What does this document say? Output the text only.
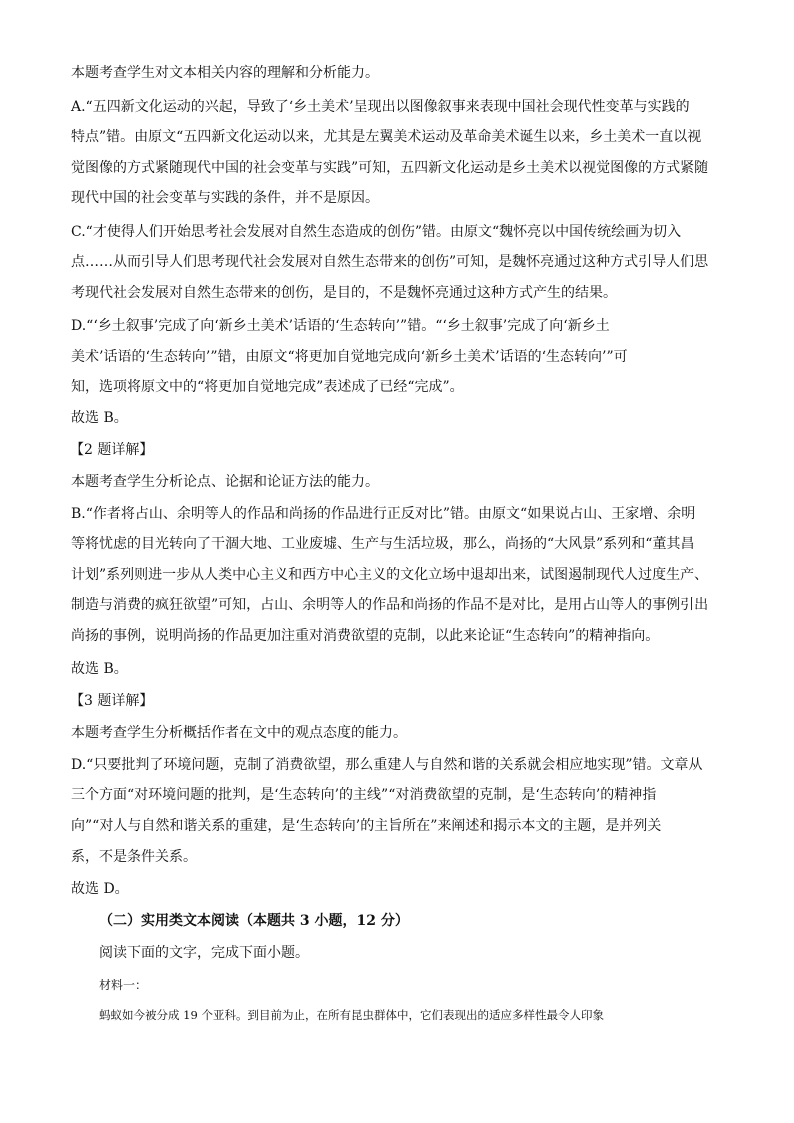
本题考查学生对文本相关内容的理解和分析能力。
A.“五四新文化运动的兴起，导致了‘乡土美术’呈现出以图像叙事来表现中国社会现代性变革与实践的
特点”错。由原文“五四新文化运动以来，尤其是左翼美术运动及革命美术诞生以来，乡土美术一直以视
觉图像的方式紧随现代中国的社会变革与实践”可知，五四新文化运动是乡土美术以视觉图像的方式紧随
现代中国的社会变革与实践的条件，并不是原因。
C.“才使得人们开始思考社会发展对自然生态造成的创伤”错。由原文“魏怀亮以中国传统绘画为切入
点……从而引导人们思考现代社会发展对自然生态带来的创伤”可知，是魏怀亮通过这种方式引导人们思
考现代社会发展对自然生态带来的创伤，是目的，不是魏怀亮通过这种方式产生的结果。
D.“‘乡土叙事’完成了向‘新乡土美术’话语的‘生态转向’”错。“‘乡土叙事’完成了向‘新乡土
美术’话语的‘生态转向’”错，由原文“将更加自觉地完成向‘新乡土美术’话语的‘生态转向’”可
知，选项将原文中的“将更加自觉地完成”表述成了已经“完成”。
故选 B。
【2 题详解】
本题考查学生分析论点、论据和论证方法的能力。
B.“作者将占山、余明等人的作品和尚扬的作品进行正反对比”错。由原文“如果说占山、王家增、余明
等将忧虑的目光转向了干涸大地、工业废墟、生产与生活垃圾，那么，尚扬的“大风景”系列和“董其昌
计划”系列则进一步从人类中心主义和西方中心主义的文化立场中退却出来，试图遏制现代人过度生产、
制造与消费的疯狂欲望”可知，占山、余明等人的作品和尚扬的作品不是对比，是用占山等人的事例引出
尚扬的事例，说明尚扬的作品更加注重对消费欲望的克制，以此来论证“生态转向”的精神指向。
故选 B。
【3 题详解】
本题考查学生分析概括作者在文中的观点态度的能力。
D.“只要批判了环境问题，克制了消费欲望，那么重建人与自然和谐的关系就会相应地实现”错。文章从
三个方面“对环境问题的批判，是‘生态转向’的主线”“对消费欲望的克制，是‘生态转向’的精神指
向”“对人与自然和谐关系的重建，是‘生态转向’的主旨所在”来阐述和揭示本文的主题，是并列关
系，不是条件关系。
故选 D。
（二）实用类文本阅读（本题共 3 小题，12 分）
阅读下面的文字，完成下面小题。
材料一：
蚂蚁如今被分成 19 个亚科。到目前为止，在所有昆虫群体中，它们表现出的适应多样性最令人印象
